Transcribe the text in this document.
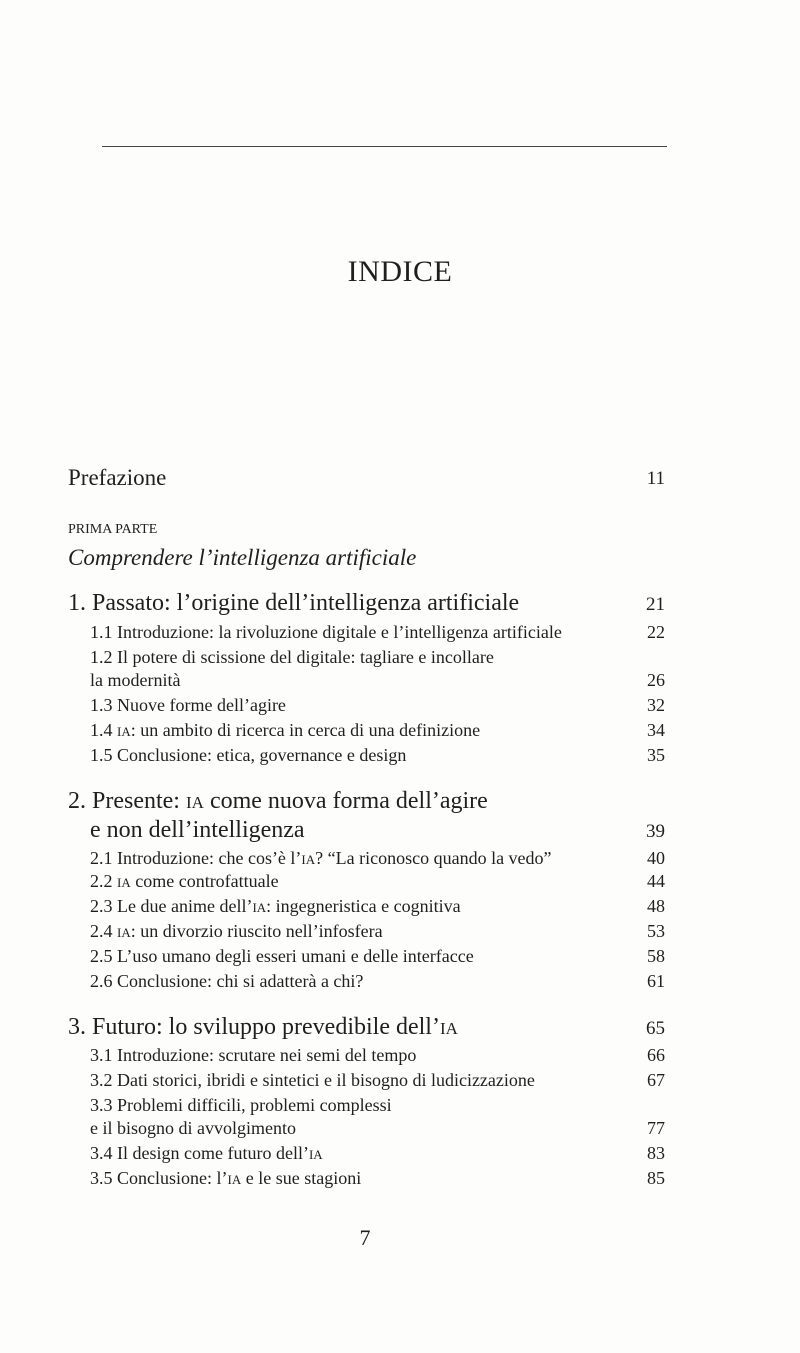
INDICE
Prefazione	11
PRIMA PARTE
Comprendere l’intelligenza artificiale
1. Passato: l’origine dell’intelligenza artificiale	21
1.1 Introduzione: la rivoluzione digitale e l’intelligenza artificiale	22
1.2 Il potere di scissione del digitale: tagliare e incollare
la modernità	26
1.3 Nuove forme dell’agire	32
1.4 ia: un ambito di ricerca in cerca di una definizione	34
1.5 Conclusione: etica, governance e design	35
2. Presente: ia come nuova forma dell’agire
e non dell’intelligenza	39
2.1 Introduzione: che cos’è l’ia? “La riconosco quando la vedo”	40
2.2 ia come controfattuale	44
2.3 Le due anime dell’ia: ingegneristica e cognitiva	48
2.4 ia: un divorzio riuscito nell’infosfera	53
2.5 L’uso umano degli esseri umani e delle interfacce	58
2.6 Conclusione: chi si adatterà a chi?	61
3. Futuro: lo sviluppo prevedibile dell’ia	65
3.1 Introduzione: scrutare nei semi del tempo	66
3.2 Dati storici, ibridi e sintetici e il bisogno di ludicizzazione	67
3.3 Problemi difficili, problemi complessi
e il bisogno di avvolgimento	77
3.4 Il design come futuro dell’ia	83
3.5 Conclusione: l’ia e le sue stagioni	85
7
